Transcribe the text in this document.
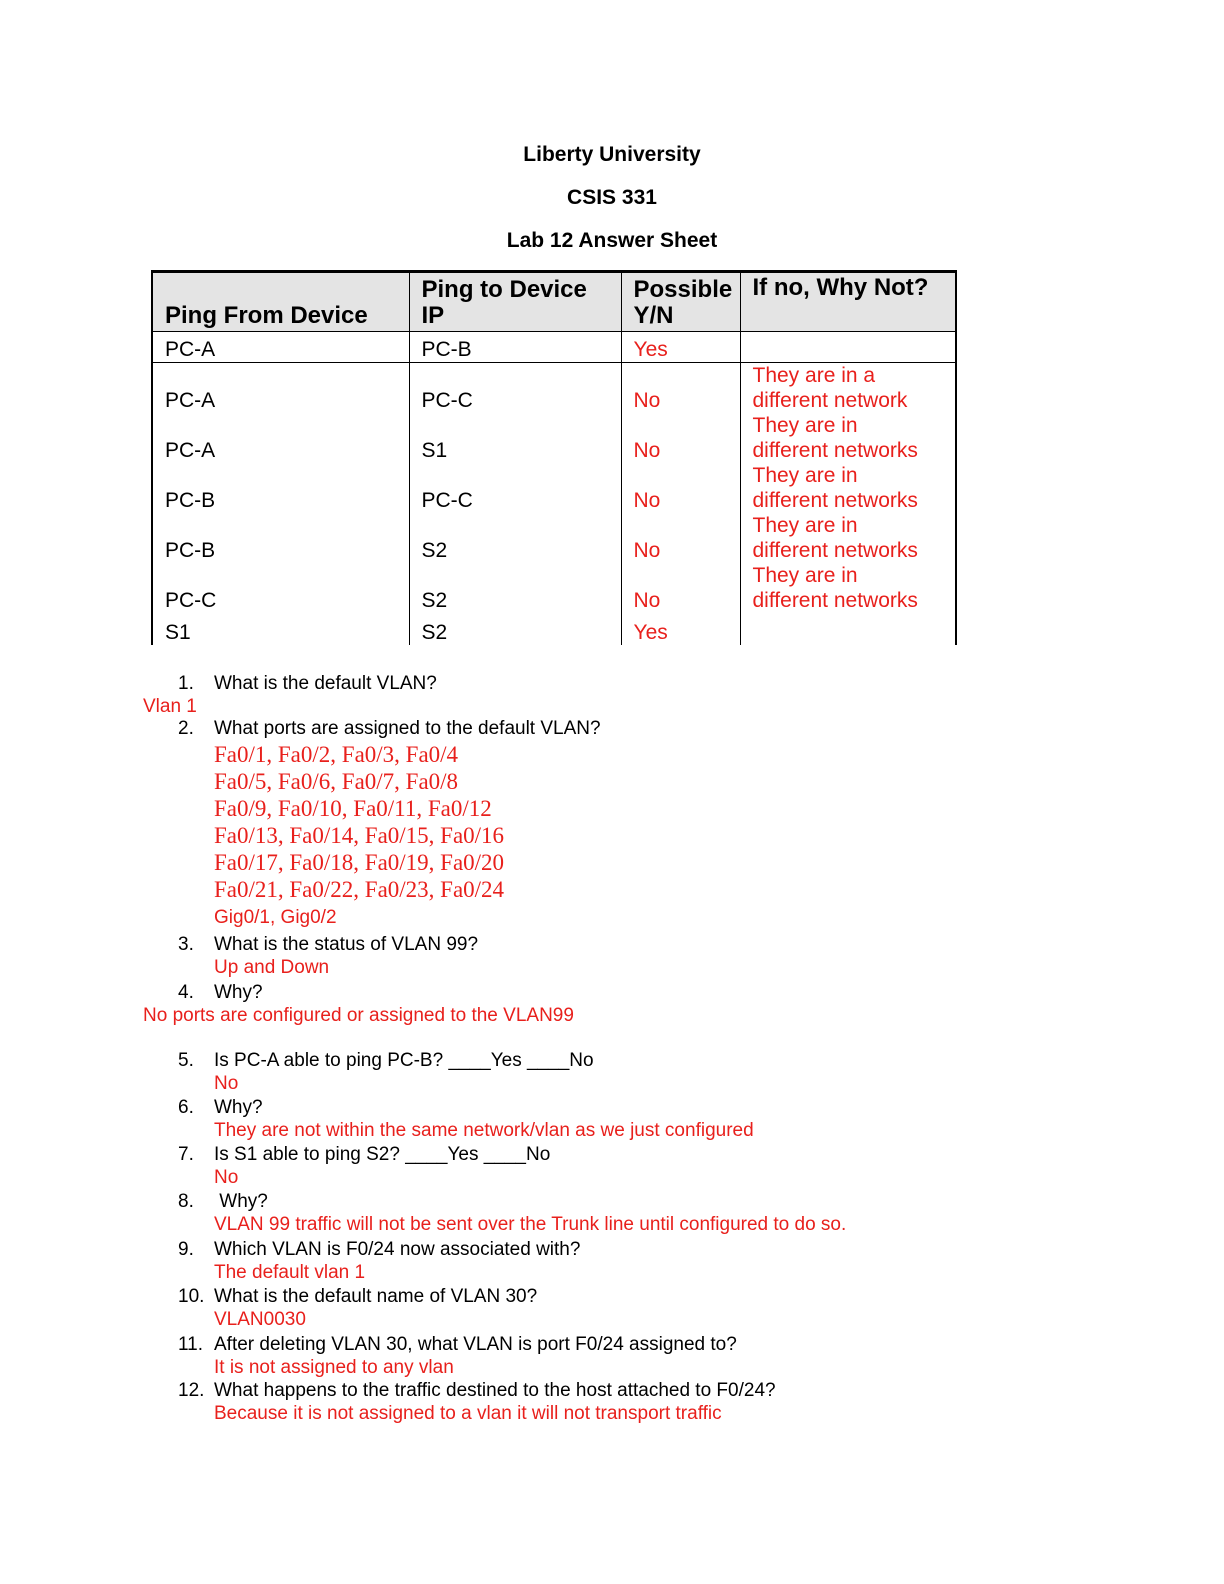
Liberty University
CSIS 331
Lab 12 Answer Sheet
Ping From Device	Ping to Device IP	Possible Y/N	If no, Why Not?
PC-A	PC-B	Yes	
PC-A	PC-C	No	They are in a
different network
PC-A	S1	No	They are in
different networks
PC-B	PC-C	No	They are in
different networks
PC-B	S2	No	They are in
different networks
PC-C	S2	No	They are in
different networks
S1	S2	Yes	
1. What is the default VLAN?
Vlan 1
2. What ports are assigned to the default VLAN?
Fa0/1, Fa0/2, Fa0/3, Fa0/4
Fa0/5, Fa0/6, Fa0/7, Fa0/8
Fa0/9, Fa0/10, Fa0/11, Fa0/12
Fa0/13, Fa0/14, Fa0/15, Fa0/16
Fa0/17, Fa0/18, Fa0/19, Fa0/20
Fa0/21, Fa0/22, Fa0/23, Fa0/24
Gig0/1, Gig0/2
3. What is the status of VLAN 99?
Up and Down
4. Why?
No ports are configured or assigned to the VLAN99
5. Is PC-A able to ping PC-B? ____Yes ____No
No
6. Why?
They are not within the same network/vlan as we just configured
7. Is S1 able to ping S2? ____Yes ____No
No
8. Why?
VLAN 99 traffic will not be sent over the Trunk line until configured to do so.
9. Which VLAN is F0/24 now associated with?
The default vlan 1
10. What is the default name of VLAN 30?
VLAN0030
11. After deleting VLAN 30, what VLAN is port F0/24 assigned to?
It is not assigned to any vlan
12. What happens to the traffic destined to the host attached to F0/24?
Because it is not assigned to a vlan it will not transport traffic
